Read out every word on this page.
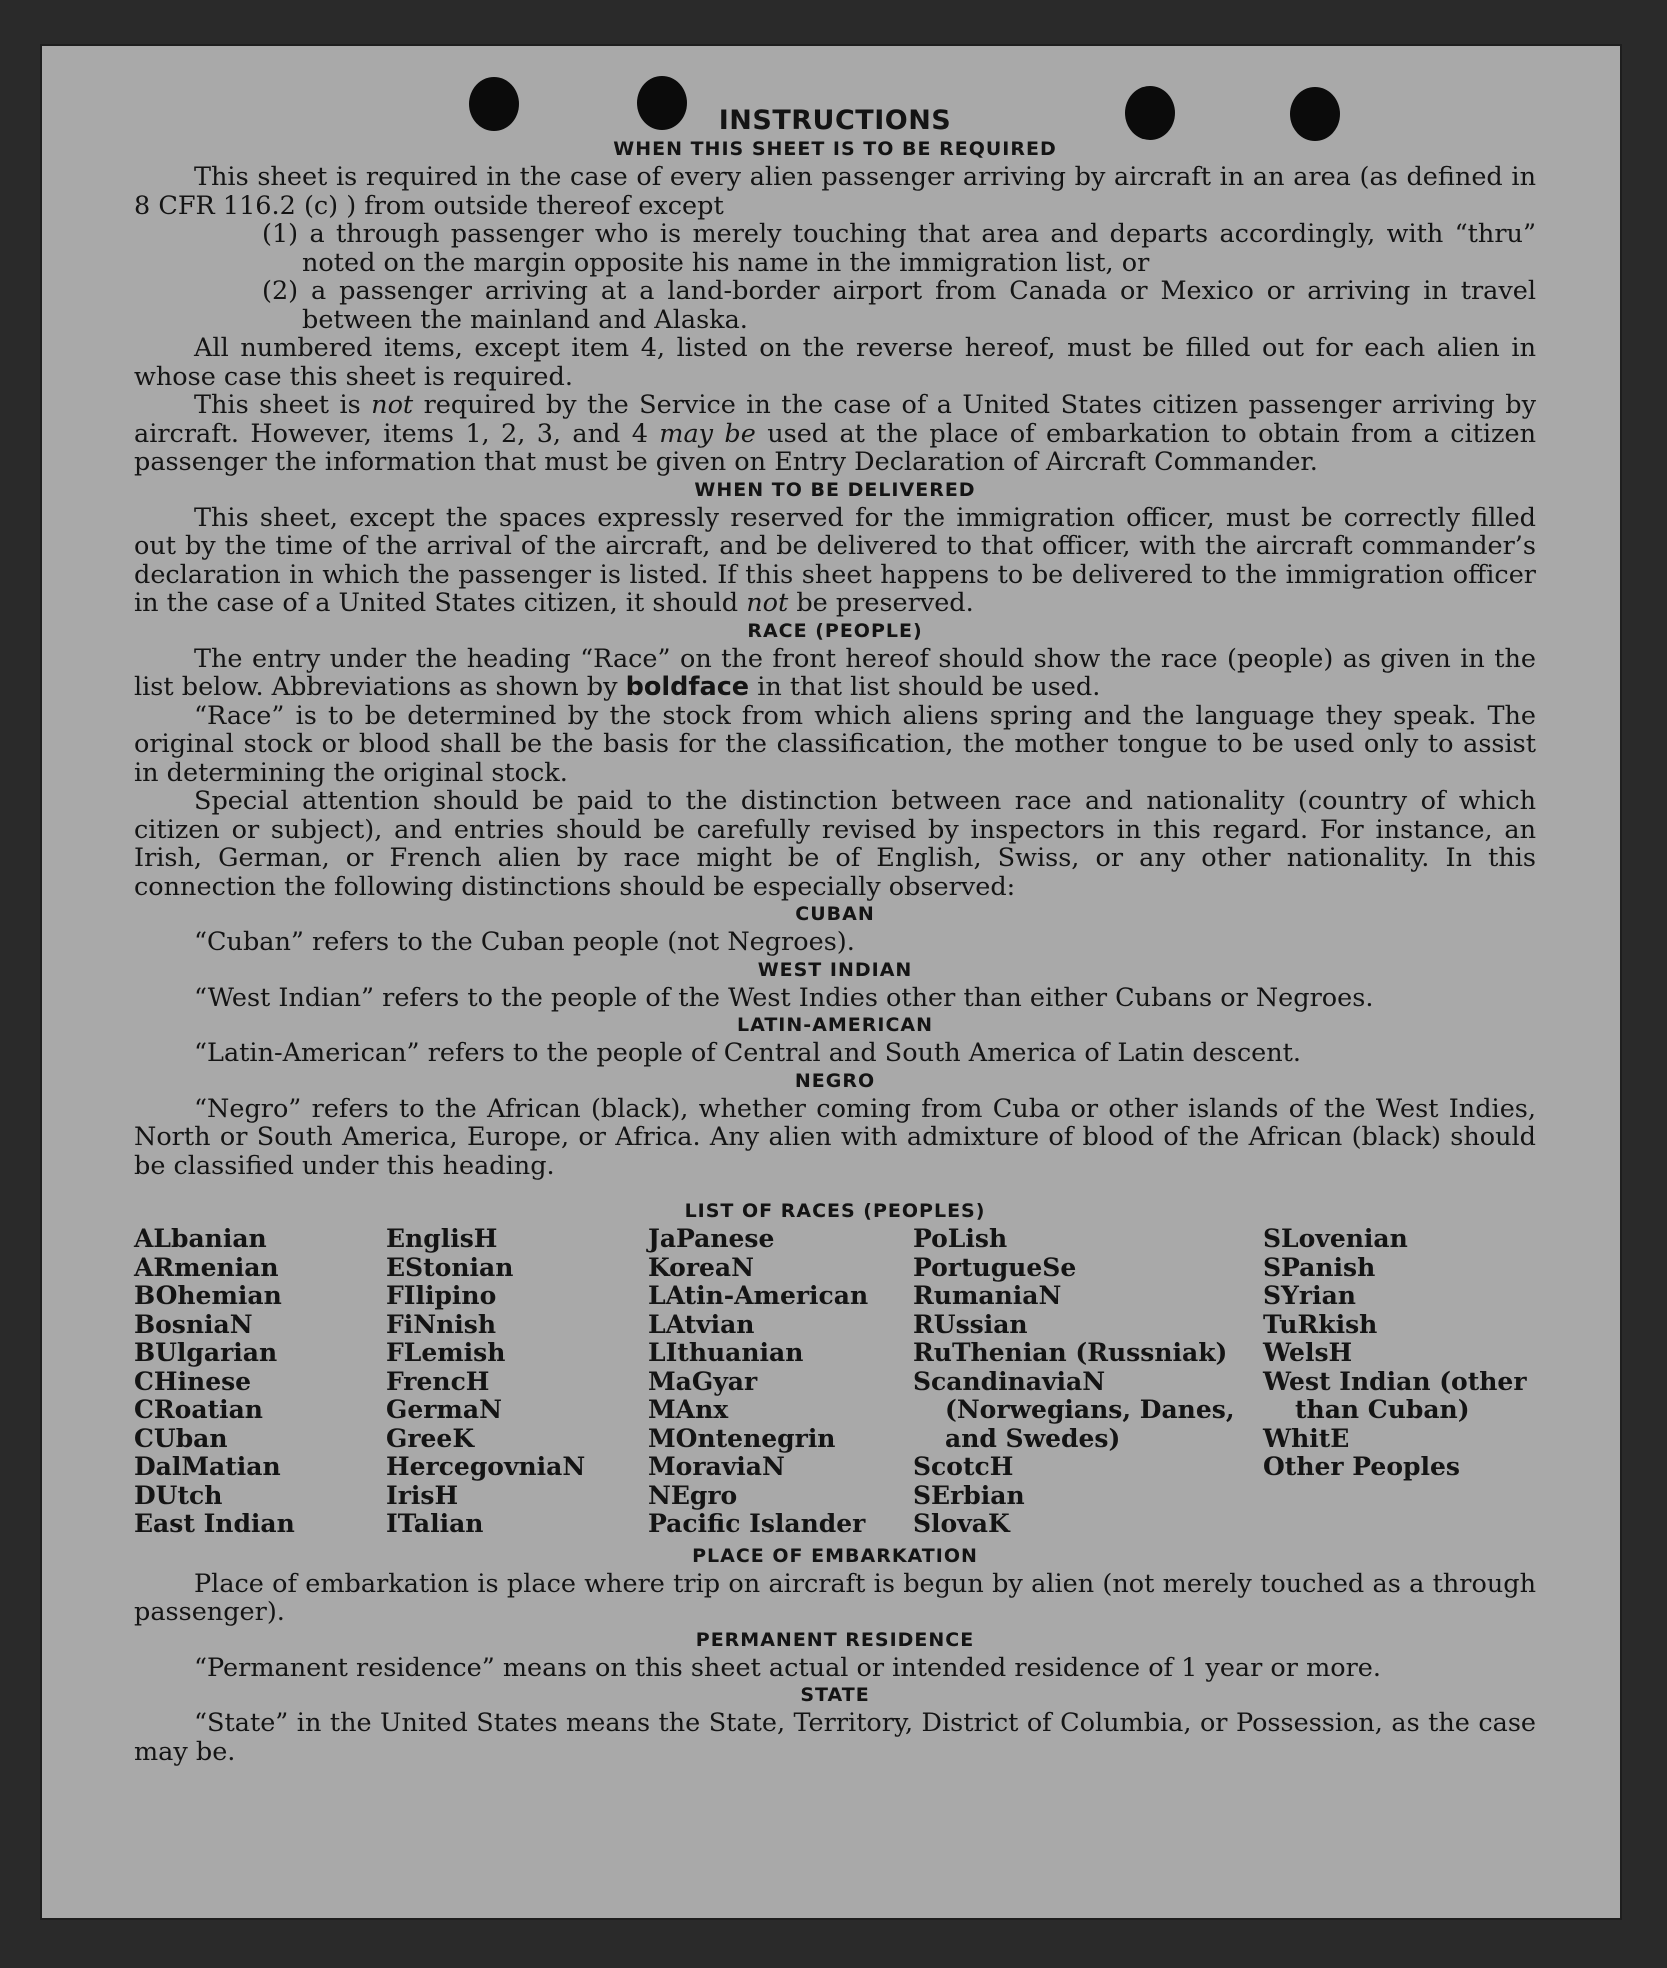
INSTRUCTIONS
WHEN THIS SHEET IS TO BE REQUIRED

This sheet is required in the case of every alien passenger arriving by aircraft in an area (as defined in 8 CFR 116.2 (c) ) from outside thereof except

(1) a through passenger who is merely touching that area and departs accordingly, with “thru” noted on the margin opposite his name in the immigration list, or

(2) a passenger arriving at a land-border airport from Canada or Mexico or arriving in travel between the mainland and Alaska.

All numbered items, except item 4, listed on the reverse hereof, must be filled out for each alien in whose case this sheet is required.

This sheet is not required by the Service in the case of a United States citizen passenger arriving by aircraft. However, items 1, 2, 3, and 4 may be used at the place of embarkation to obtain from a citizen passenger the information that must be given on Entry Declaration of Aircraft Commander.

WHEN TO BE DELIVERED

This sheet, except the spaces expressly reserved for the immigration officer, must be correctly filled out by the time of the arrival of the aircraft, and be delivered to that officer, with the aircraft commander’s declaration in which the passenger is listed. If this sheet happens to be delivered to the immigration officer in the case of a United States citizen, it should not be preserved.

RACE (PEOPLE)

The entry under the heading “Race” on the front hereof should show the race (people) as given in the list below. Abbreviations as shown by boldface in that list should be used.

“Race” is to be determined by the stock from which aliens spring and the language they speak. The original stock or blood shall be the basis for the classification, the mother tongue to be used only to assist in determining the original stock.

Special attention should be paid to the distinction between race and nationality (country of which citizen or subject), and entries should be carefully revised by inspectors in this regard. For instance, an Irish, German, or French alien by race might be of English, Swiss, or any other nationality. In this connection the following distinctions should be especially observed:

CUBAN

“Cuban” refers to the Cuban people (not Negroes).

WEST INDIAN

“West Indian” refers to the people of the West Indies other than either Cubans or Negroes.

LATIN-AMERICAN

“Latin-American” refers to the people of Central and South America of Latin descent.

NEGRO

“Negro” refers to the African (black), whether coming from Cuba or other islands of the West Indies, North or South America, Europe, or Africa. Any alien with admixture of blood of the African (black) should be classified under this heading.

LIST OF RACES (PEOPLES)
ALbanian
ARmenian
BOhemian
BosniaN
BUlgarian
CHinese
CRoatian
CUban
DalMatian
DUtch
East Indian
EnglisH
EStonian
FIlipino
FiNnish
FLemish
FrencH
GermaN
GreeK
HercegovniaN
IrisH
ITalian
JaPanese
KoreaN
LAtin-American
LAtvian
LIthuanian
MaGyar
MAnx
MOntenegrin
MoraviaN
NEgro
Pacific Islander
PoLish
PortugueSe
RumaniaN
RUssian
RuThenian (Russniak)
ScandinaviaN (Norwegians, Danes, and Swedes)
ScotcH
SErbian
SlovaK
SLovenian
SPanish
SYrian
TuRkish
WelsH
West Indian (other than Cuban)
WhitE
Other Peoples
PLACE OF EMBARKATION

Place of embarkation is place where trip on aircraft is begun by alien (not merely touched as a through passenger).

PERMANENT RESIDENCE

“Permanent residence” means on this sheet actual or intended residence of 1 year or more.

STATE

“State” in the United States means the State, Territory, District of Columbia, or Possession, as the case may be.
